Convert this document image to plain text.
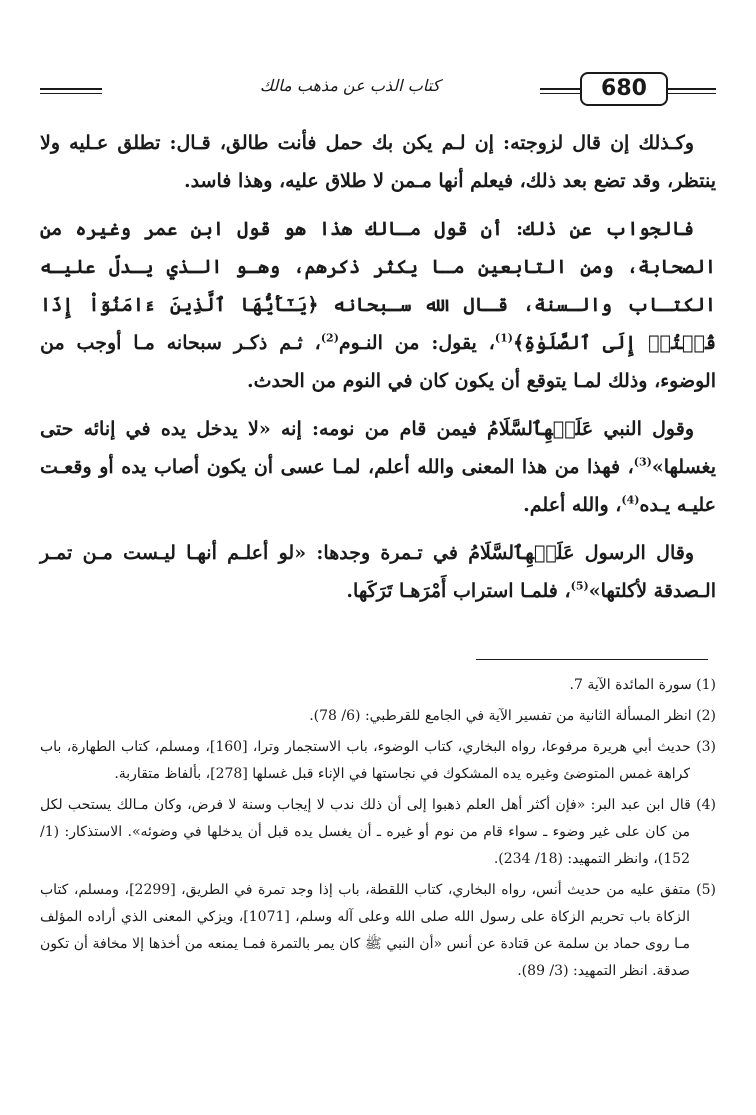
كتاب الذب عن مذهب مالك	680

وكـذلك إن قال لزوجته: إن لـم يكن بك حمل فأنت طالق، قـال: تطلق عـليه ولا ينتظر، وقد تضع بعد ذلك، فيعلم أنها مـمن لا طلاق عليه، وهذا فاسد.

فالجواب عن ذلك: أن قول مـالك هذا هو قول ابن عمر وغيره من الصحابة، ومن التابعين مـا يكثر ذكرهم، وهـو الـذي يـدلّ عليـه الكتـاب والـسنة، قـال الله سـبحانه ﴿يَـٰٓأَيُّهَا ٱلَّذِينَ ءَامَنُوٓاْ إِذَا قُمۡتُمۡ إِلَى ٱلصَّلَوٰةِ﴾$^{(1)}$، يقول: من النـوم$^{(2)}$، ثـم ذكـر سبحانه مـا أوجب من الوضوء، وذلك لمـا يتوقع أن يكون كان في النوم من الحدث.

وقول النبي عَلَيۡهِٱلسَّلَامُ فيمن قام من نومه: إنه «لا يدخل يده في إنائه حتى يغسلها»$^{(3)}$، فهذا من هذا المعنى والله أعلم، لمـا عسى أن يكون أصاب يده أو وقعـت عليـه يـده$^{(4)}$، والله أعلم.

وقال الرسول عَلَيۡهِٱلسَّلَامُ في تـمرة وجدها: «لو أعلـم أنهـا ليـست مـن تمـر الـصدقة لأكلتها»$^{(5)}$، فلمـا استراب أَمْرَهـا تَرَكَها.

(1) سورة المائدة الآية 7.

(2) انظر المسألة الثانية من تفسير الآية في الجامع للقرطبي: (6/ 78).

(3) حديث أبي هريرة مرفوعا، رواه البخاري، كتاب الوضوء، باب الاستجمار وترا، [160]، ومسلم، كتاب الطهارة، باب كراهة غمس المتوضئ وغيره يده المشكوك في نجاستها في الإناء قبل غسلها [278]، بألفاظ متقاربة.

(4) قال ابن عبد البر: «فإن أكثر أهل العلم ذهبوا إلى أن ذلك ندب لا إيجاب وسنة لا فرض، وكان مـالك يستحب لكل من كان على غير وضوء ـ سواء قام من نوم أو غيره ـ أن يغسل يده قبل أن يدخلها في وضوئه». الاستذكار: (1/ 152)، وانظر التمهيد: (18/ 234).

(5) متفق عليه من حديث أنس، رواه البخاري، كتاب اللقطة، باب إذا وجد تمرة في الطريق، [2299]، ومسلم، كتاب الزكاة باب تحريم الزكاة على رسول الله صلى الله وعلى آله وسلم، [1071]، ويزكي المعنى الذي أراده المؤلف مـا روى حماد بن سلمة عن قتادة عن أنس «أن النبي ﷺ كان يمر بالتمرة فمـا يمنعه من أخذها إلا مخافة أن تكون صدقة. انظر التمهيد: (3/ 89).
